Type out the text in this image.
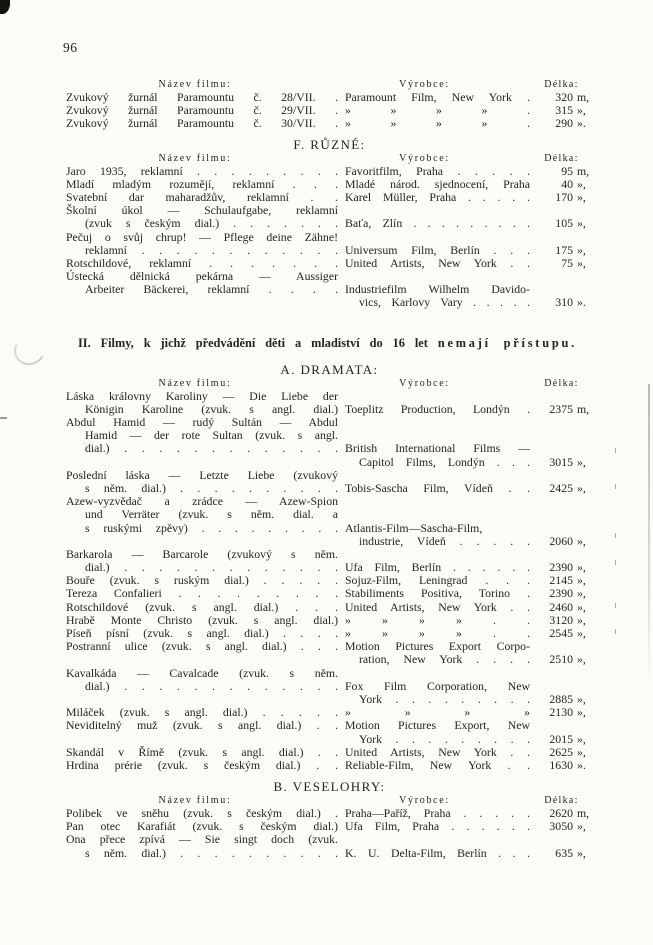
96
Název filmu:	Výrobce:	Délka:
Zvukový žurnál Paramountu č. 28/VII. . Paramount Film, New York .	320 m,
Zvukový žurnál Paramountu č. 29/VII. . » » » » .	315 »,
Zvukový žurnál Paramountu č. 30/VII. . » » » » .	290 ».
F. RŮZNÉ:
Název filmu:	Výrobce:	Délka:
Jaro 1935, reklamní . . . . . . . . . Favoritfilm, Praha . . . . .	95 m,
Mladí mladým rozumějí, reklamní . . . Mladé národ. sjednocení, Praha	40 »,
Svatební dar maharadžův, reklamní . . Karel Müller, Praha . . . . .	170 »,
Školní úkol — Schulaufgabe, reklamní
(zvuk s českým dial.) . . . . . . . Baťa, Zlín . . . . . . . . .	105 »,
Pečuj o svůj chrup! — Pflege deine Zähne!
reklamní . . . . . . . . . . . . Universum Film, Berlín . . .	175 »,
Rotschildové, reklamní . . . . . . . United Artists, New York . .	75 »,
Ústecká dělnická pekárna — Aussiger
Arbeiter Bäckerei, reklamní . . . . Industriefilm Wilhelm Davido-
vics, Karlovy Vary . . . . .	310 ».
II. Filmy, k jichž předvádění děti a mladiství do 16 let nemají přístupu.
A. DRAMATA:
Název filmu:	Výrobce:	Délka:
Láska královny Karoliny — Die Liebe der
Königin Karoline (zvuk. s angl. dial.) Toeplitz Production, Londýn .	2375 m,
Abdul Hamid — rudý Sultán — Abdul
Hamid — der rote Sultan (zvuk. s angl.
dial.) . . . . . . . . . . . . . British International Films —
Capitol Films, Londýn . . .	3015 »,
Poslední láska — Letzte Liebe (zvukový
s něm. dial.) . . . . . . . . . . Tobis-Sascha Film, Vídeň . .	2425 »,
Azew-vyzvědač a zrádce — Azew-Spion
und Verräter (zvuk. s něm. dial. a
s ruskými zpěvy) . . . . . . . . . Atlantis-Film—Sascha-Film,
industrie, Vídeň . . . . .	2060 »,
Barkarola — Barcarole (zvukový s něm.
dial.) . . . . . . . . . . . . . Ufa Film, Berlín . . . . . .	2390 »,
Bouře (zvuk. s ruským dial.) . . . . . Sojuz-Film, Leningrad . . .	2145 »,
Tereza Confalieri . . . . . . . . . Stabiliments Positiva, Torino .	2390 »,
Rotschildové (zvuk. s angl. dial.) . . . United Artists, New York . .	2460 »,
Hrabě Monte Christo (zvuk. s angl. dial.) » » » » . .	3120 »,
Píseň písní (zvuk. s angl. dial.) . . . . » » » » . .	2545 »,
Postranní ulice (zvuk. s angl. dial.) . . . Motion Pictures Export Corpo-
ration, New York . . . .	2510 »,
Kavalkáda — Cavalcade (zvuk. s něm.
dial.) . . . . . . . . . . . . . Fox Film Corporation, New
York . . . . . . . . .	2885 »,
Miláček (zvuk. s angl. dial.) . . . . . » » » »	2130 »,
Neviditelný muž (zvuk. s angl. dial.) . . Motion Pictures Export, New
York . . . . . . . . .	2015 »,
Skandál v Římě (zvuk. s angl. dial.) . . United Artists, New York . .	2625 »,
Hrdina prérie (zvuk. s českým dial.) . . Reliable-Film, New York . .	1630 ».
B. VESELOHRY:
Název filmu:	Výrobce:	Délka:
Polibek ve sněhu (zvuk. s českým dial.) . Praha—Paříž, Praha . . . . .	2620 m,
Pan otec Karafiát (zvuk. s českým dial.) Ufa Film, Praha . . . . . .	3050 »,
Ona přece zpívá — Sie singt doch (zvuk.
s něm. dial.) . . . . . . . . . . K. U. Delta-Film, Berlín . . .	635 »,
